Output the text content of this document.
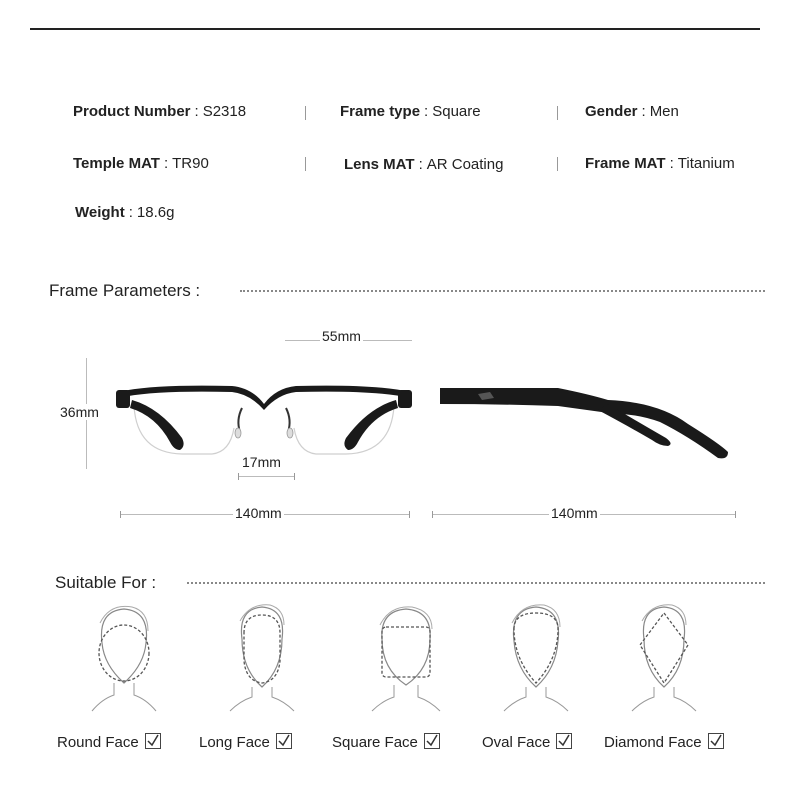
Product Number : S2318	Frame type : Square	Gender : Men
Temple MAT : TR90	Lens MAT : AR Coating	Frame MAT : Titanium
Weight : 18.6g
Frame Parameters :
55mm
36mm
17mm
140mm	140mm
Suitable For :
Round Face	Long Face	Square Face	Oval Face	Diamond Face
